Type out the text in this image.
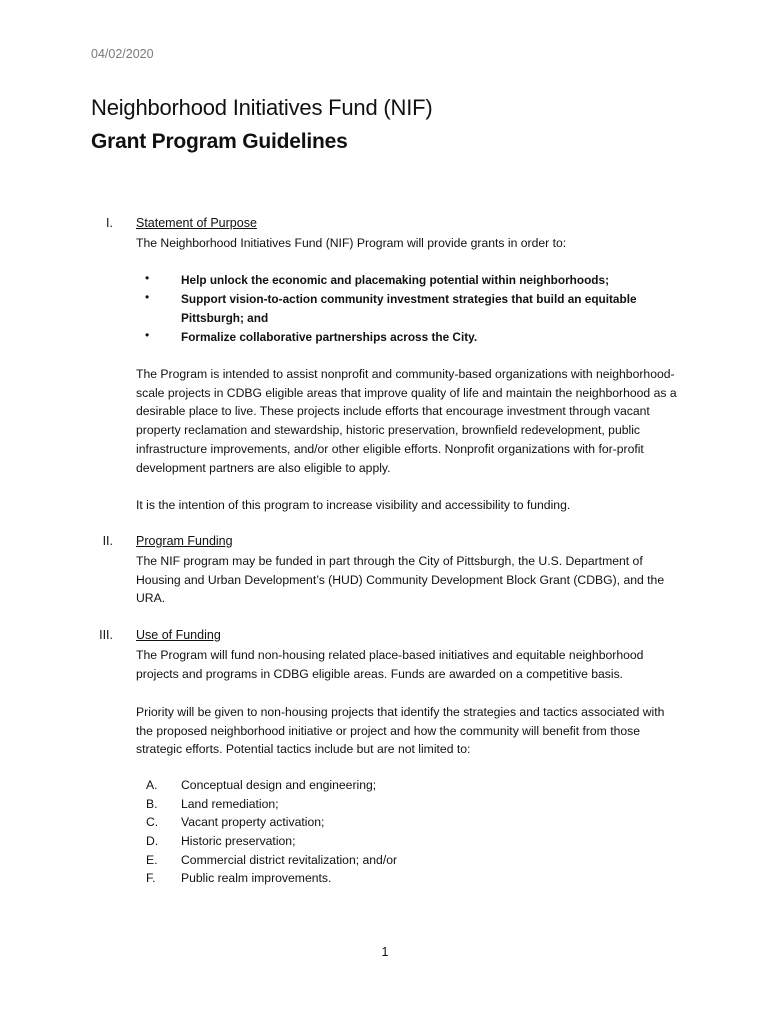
04/02/2020
Neighborhood Initiatives Fund (NIF)
Grant Program Guidelines
I. Statement of Purpose
The Neighborhood Initiatives Fund (NIF) Program will provide grants in order to:
•	Help unlock the economic and placemaking potential within neighborhoods;
•	Support vision-to-action community investment strategies that build an equitable Pittsburgh; and
•	Formalize collaborative partnerships across the City.
The Program is intended to assist nonprofit and community-based organizations with neighborhood-scale projects in CDBG eligible areas that improve quality of life and maintain the neighborhood as a desirable place to live. These projects include efforts that encourage investment through vacant property reclamation and stewardship, historic preservation, brownfield redevelopment, public infrastructure improvements, and/or other eligible efforts. Nonprofit organizations with for-profit development partners are also eligible to apply.
It is the intention of this program to increase visibility and accessibility to funding.
II. Program Funding
The NIF program may be funded in part through the City of Pittsburgh, the U.S. Department of Housing and Urban Development’s (HUD) Community Development Block Grant (CDBG), and the URA.
III. Use of Funding
The Program will fund non-housing related place-based initiatives and equitable neighborhood projects and programs in CDBG eligible areas. Funds are awarded on a competitive basis.
Priority will be given to non-housing projects that identify the strategies and tactics associated with the proposed neighborhood initiative or project and how the community will benefit from those strategic efforts. Potential tactics include but are not limited to:
A.	Conceptual design and engineering;
B.	Land remediation;
C.	Vacant property activation;
D.	Historic preservation;
E.	Commercial district revitalization; and/or
F.	Public realm improvements.
1
